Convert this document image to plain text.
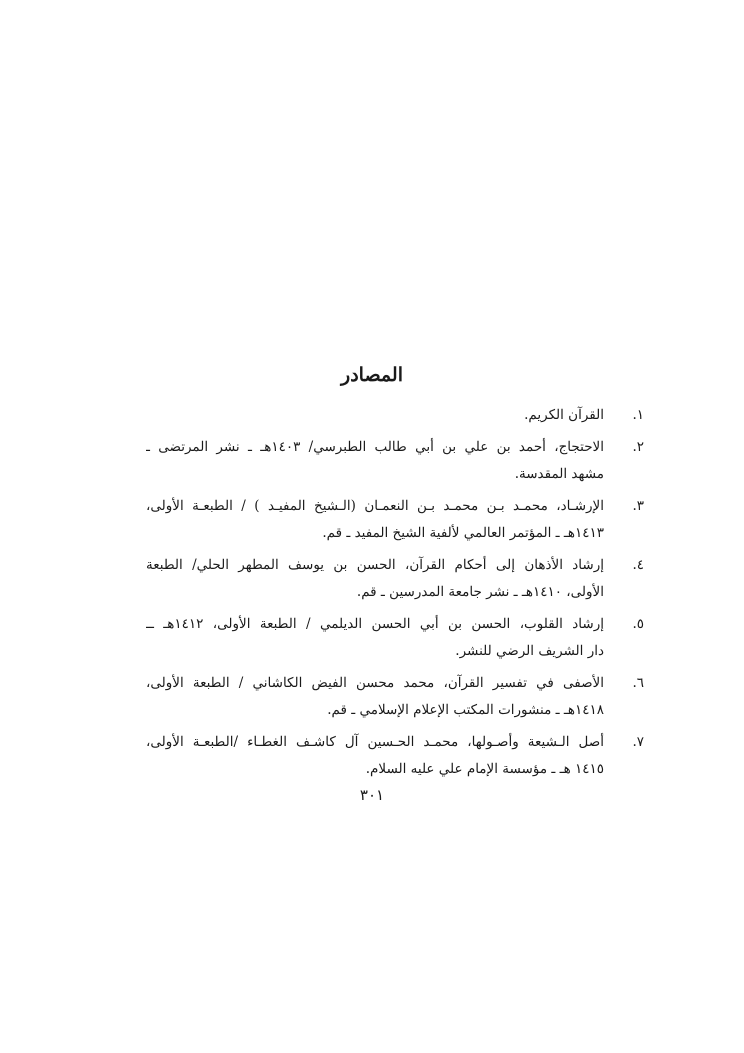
المصادر
١.
القرآن الكريم.
٢.
الاحتجاج، أحمد بن علي بن أبي طالب الطبرسي/ ١٤٠٣هـ ـ نشر المرتضى ـ
مشهد المقدسة.
٣.
الإرشـاد، محمـد بـن محمـد بـن النعمـان (الـشيخ المفيـد ) / الطبعـة الأولى،
١٤١٣هـ ـ المؤتمر العالمي لألفية الشيخ المفيد ـ قم.
٤.
إرشاد الأذهان إلى أحكام القرآن، الحسن بن يوسف المطهر الحلي/ الطبعة
الأولى، ١٤١٠هـ ـ نشر جامعة المدرسين ـ قم.
٥.
إرشاد القلوب، الحسن بن أبي الحسن الديلمي / الطبعة الأولى، ١٤١٢هـ ــ
دار الشريف الرضي للنشر.
٦.
الأصفى في تفسير القرآن، محمد محسن الفيض الكاشاني / الطبعة الأولى،
١٤١٨هـ ـ منشورات المكتب الإعلام الإسلامي ـ قم.
٧.
أصل الـشيعة وأصـولها، محمـد الحـسين آل كاشـف الغطـاء /الطبعـة الأولى،
١٤١٥ هـ ـ مؤسسة الإمام علي عليه السلام.
٣٠١
